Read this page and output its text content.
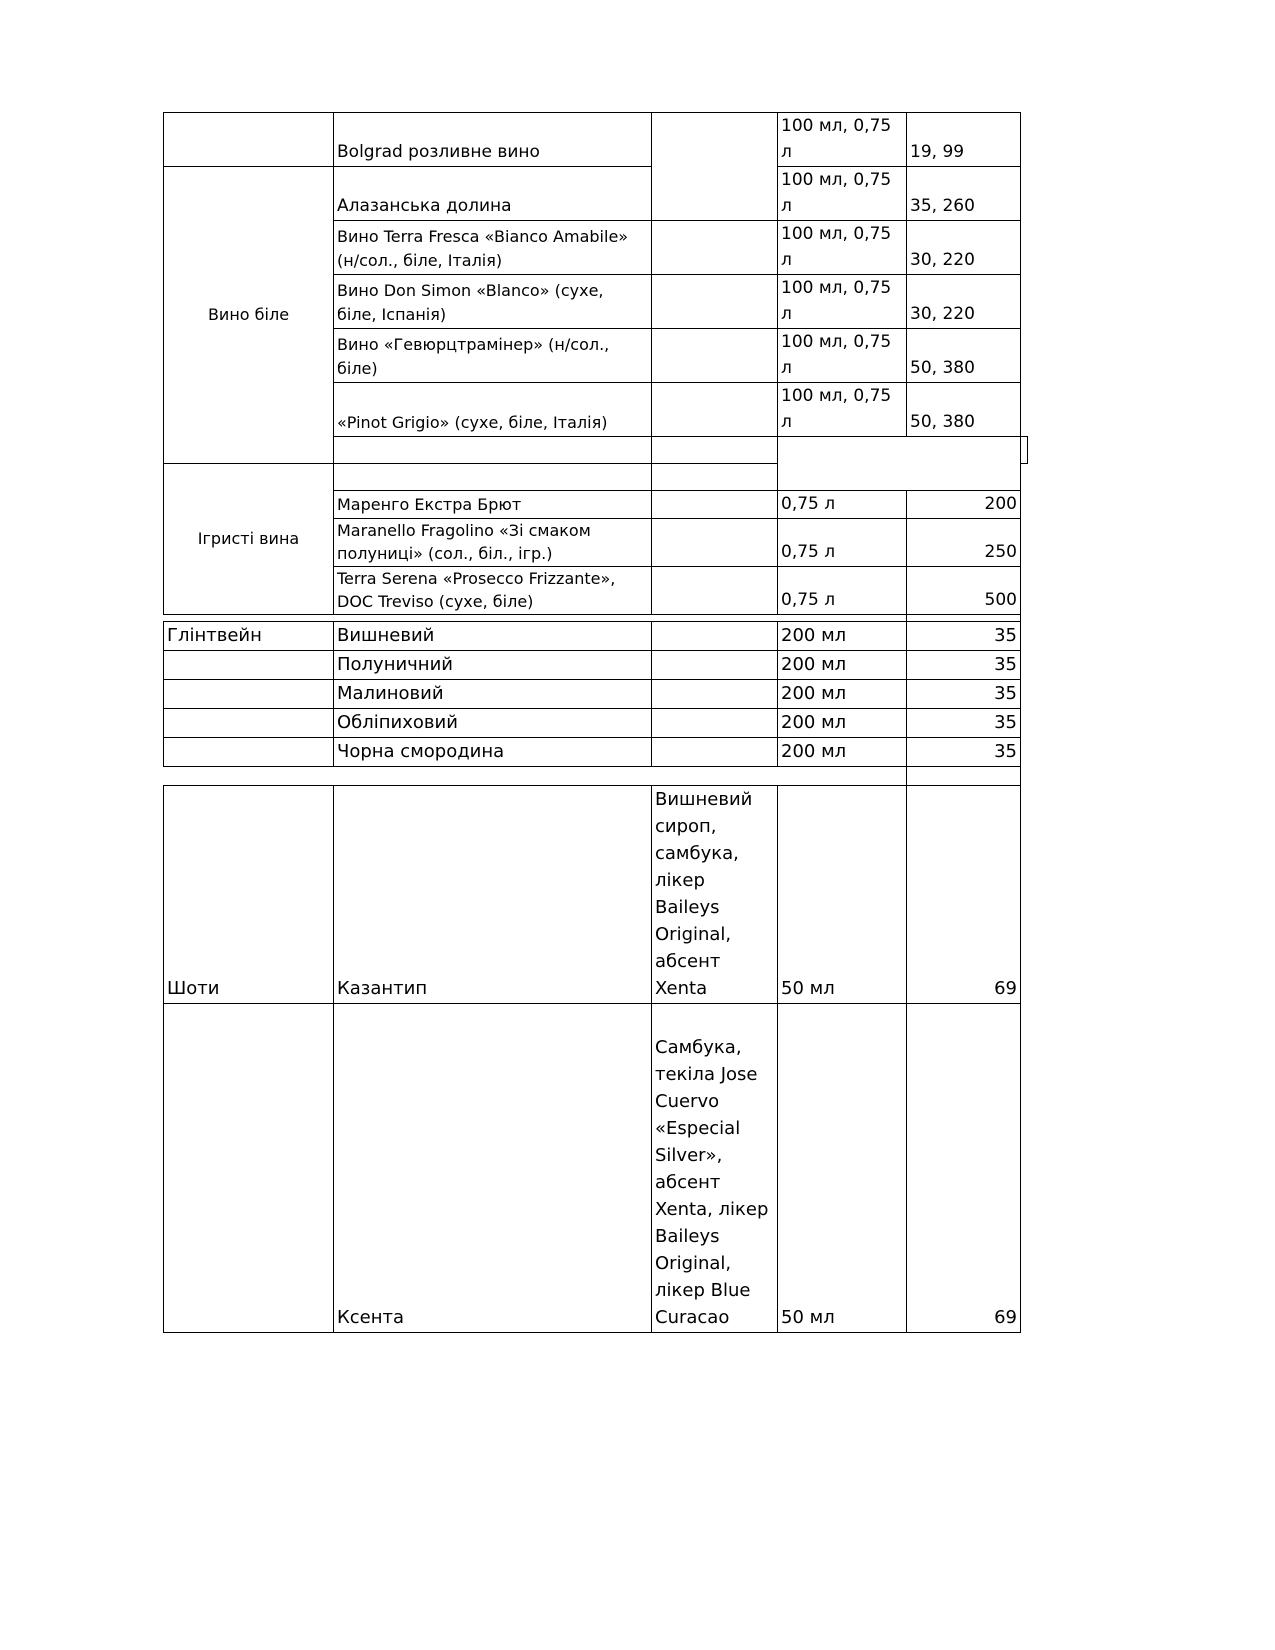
	Bolgrad розливне вино		100 мл, 0,75 л	19, 99	
Вино біле	Алазанська долина		100 мл, 0,75 л	35, 260	
	Вино Terra Fresca «Bianco Amabile» (н/сол., біле, Італія)		100 мл, 0,75 л	30, 220	
	Вино Don Simon «Blanco» (сухе, біле, Іспанія)		100 мл, 0,75 л	30, 220	
	Вино «Гевюрцтрамінер» (н/сол., біле)		100 мл, 0,75 л	50, 380	
	«Pinot Grigio» (сухе, біле, Італія)		100 мл, 0,75 л	50, 380	

Ігристі вина					
	Маренго Екстра Брют		0,75 л	200	
	Maranello Fragolino «Зі смаком полуниці» (сол., біл., ігр.)		0,75 л	250	
	Terra Serena «Prosecco Frizzante», DOC Treviso (сухе, біле)		0,75 л	500	

Глінтвейн	Вишневий		200 мл	35
	Полуничний		200 мл	35
	Малиновий		200 мл	35
	Обліпиховий		200 мл	35
	Чорна смородина		200 мл	35

Шоти	Казантип	Вишневий сироп, самбука, лікер Baileys Original, абсент Xenta	50 мл	69
	Ксента	Самбука, текіла Jose Cuervo «Especial Silver», абсент Xenta, лікер Baileys Original, лікер Blue Curacao	50 мл	69
